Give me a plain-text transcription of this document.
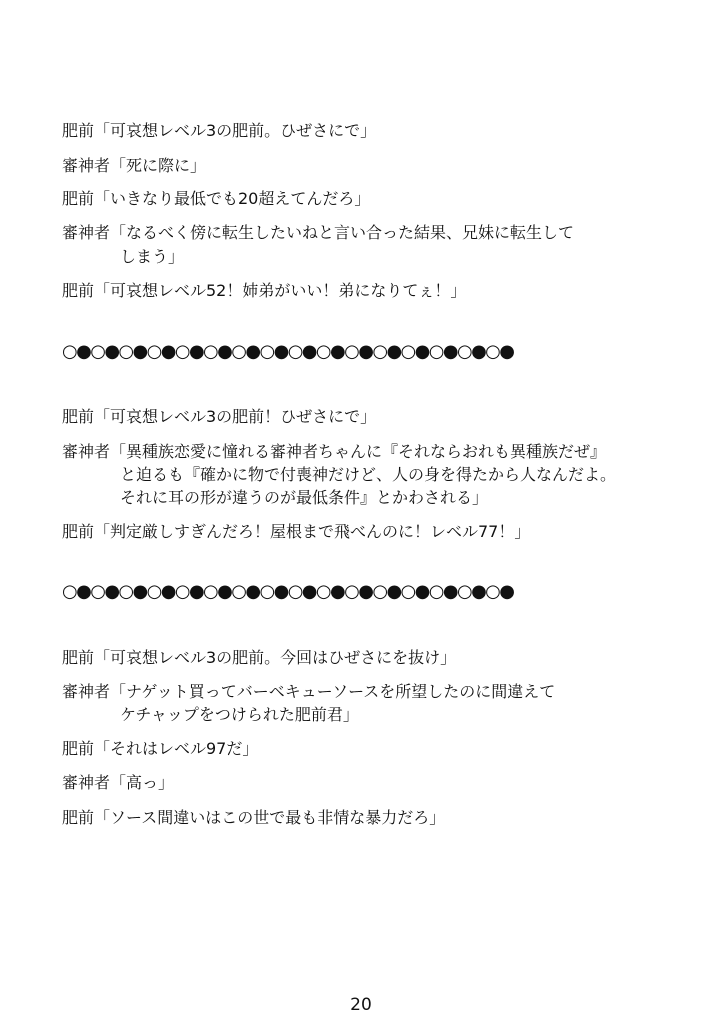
肥前「可哀想レベル3の肥前。ひぜさにで」
審神者「死に際に」
肥前「いきなり最低でも20超えてんだろ」
審神者「なるべく傍に転生したいねと言い合った結果、兄妹に転生して
しまう」
肥前「可哀想レベル52！姉弟がいい！弟になりてぇ！」
○●○●○●○●○●○●○●○●○●○●○●○●○●○●○●○●
肥前「可哀想レベル3の肥前！ひぜさにで」
審神者「異種族恋愛に憧れる審神者ちゃんに『それならおれも異種族だぜ』
と迫るも『確かに物で付喪神だけど、人の身を得たから人なんだよ。
それに耳の形が違うのが最低条件』とかわされる」
肥前「判定厳しすぎんだろ！屋根まで飛べんのに！レベル77！」
○●○●○●○●○●○●○●○●○●○●○●○●○●○●○●○●
肥前「可哀想レベル3の肥前。今回はひぜさにを抜け」
審神者「ナゲット買ってバーベキューソースを所望したのに間違えて
ケチャップをつけられた肥前君」
肥前「それはレベル97だ」
審神者「高っ」
肥前「ソース間違いはこの世で最も非情な暴力だろ」
20
